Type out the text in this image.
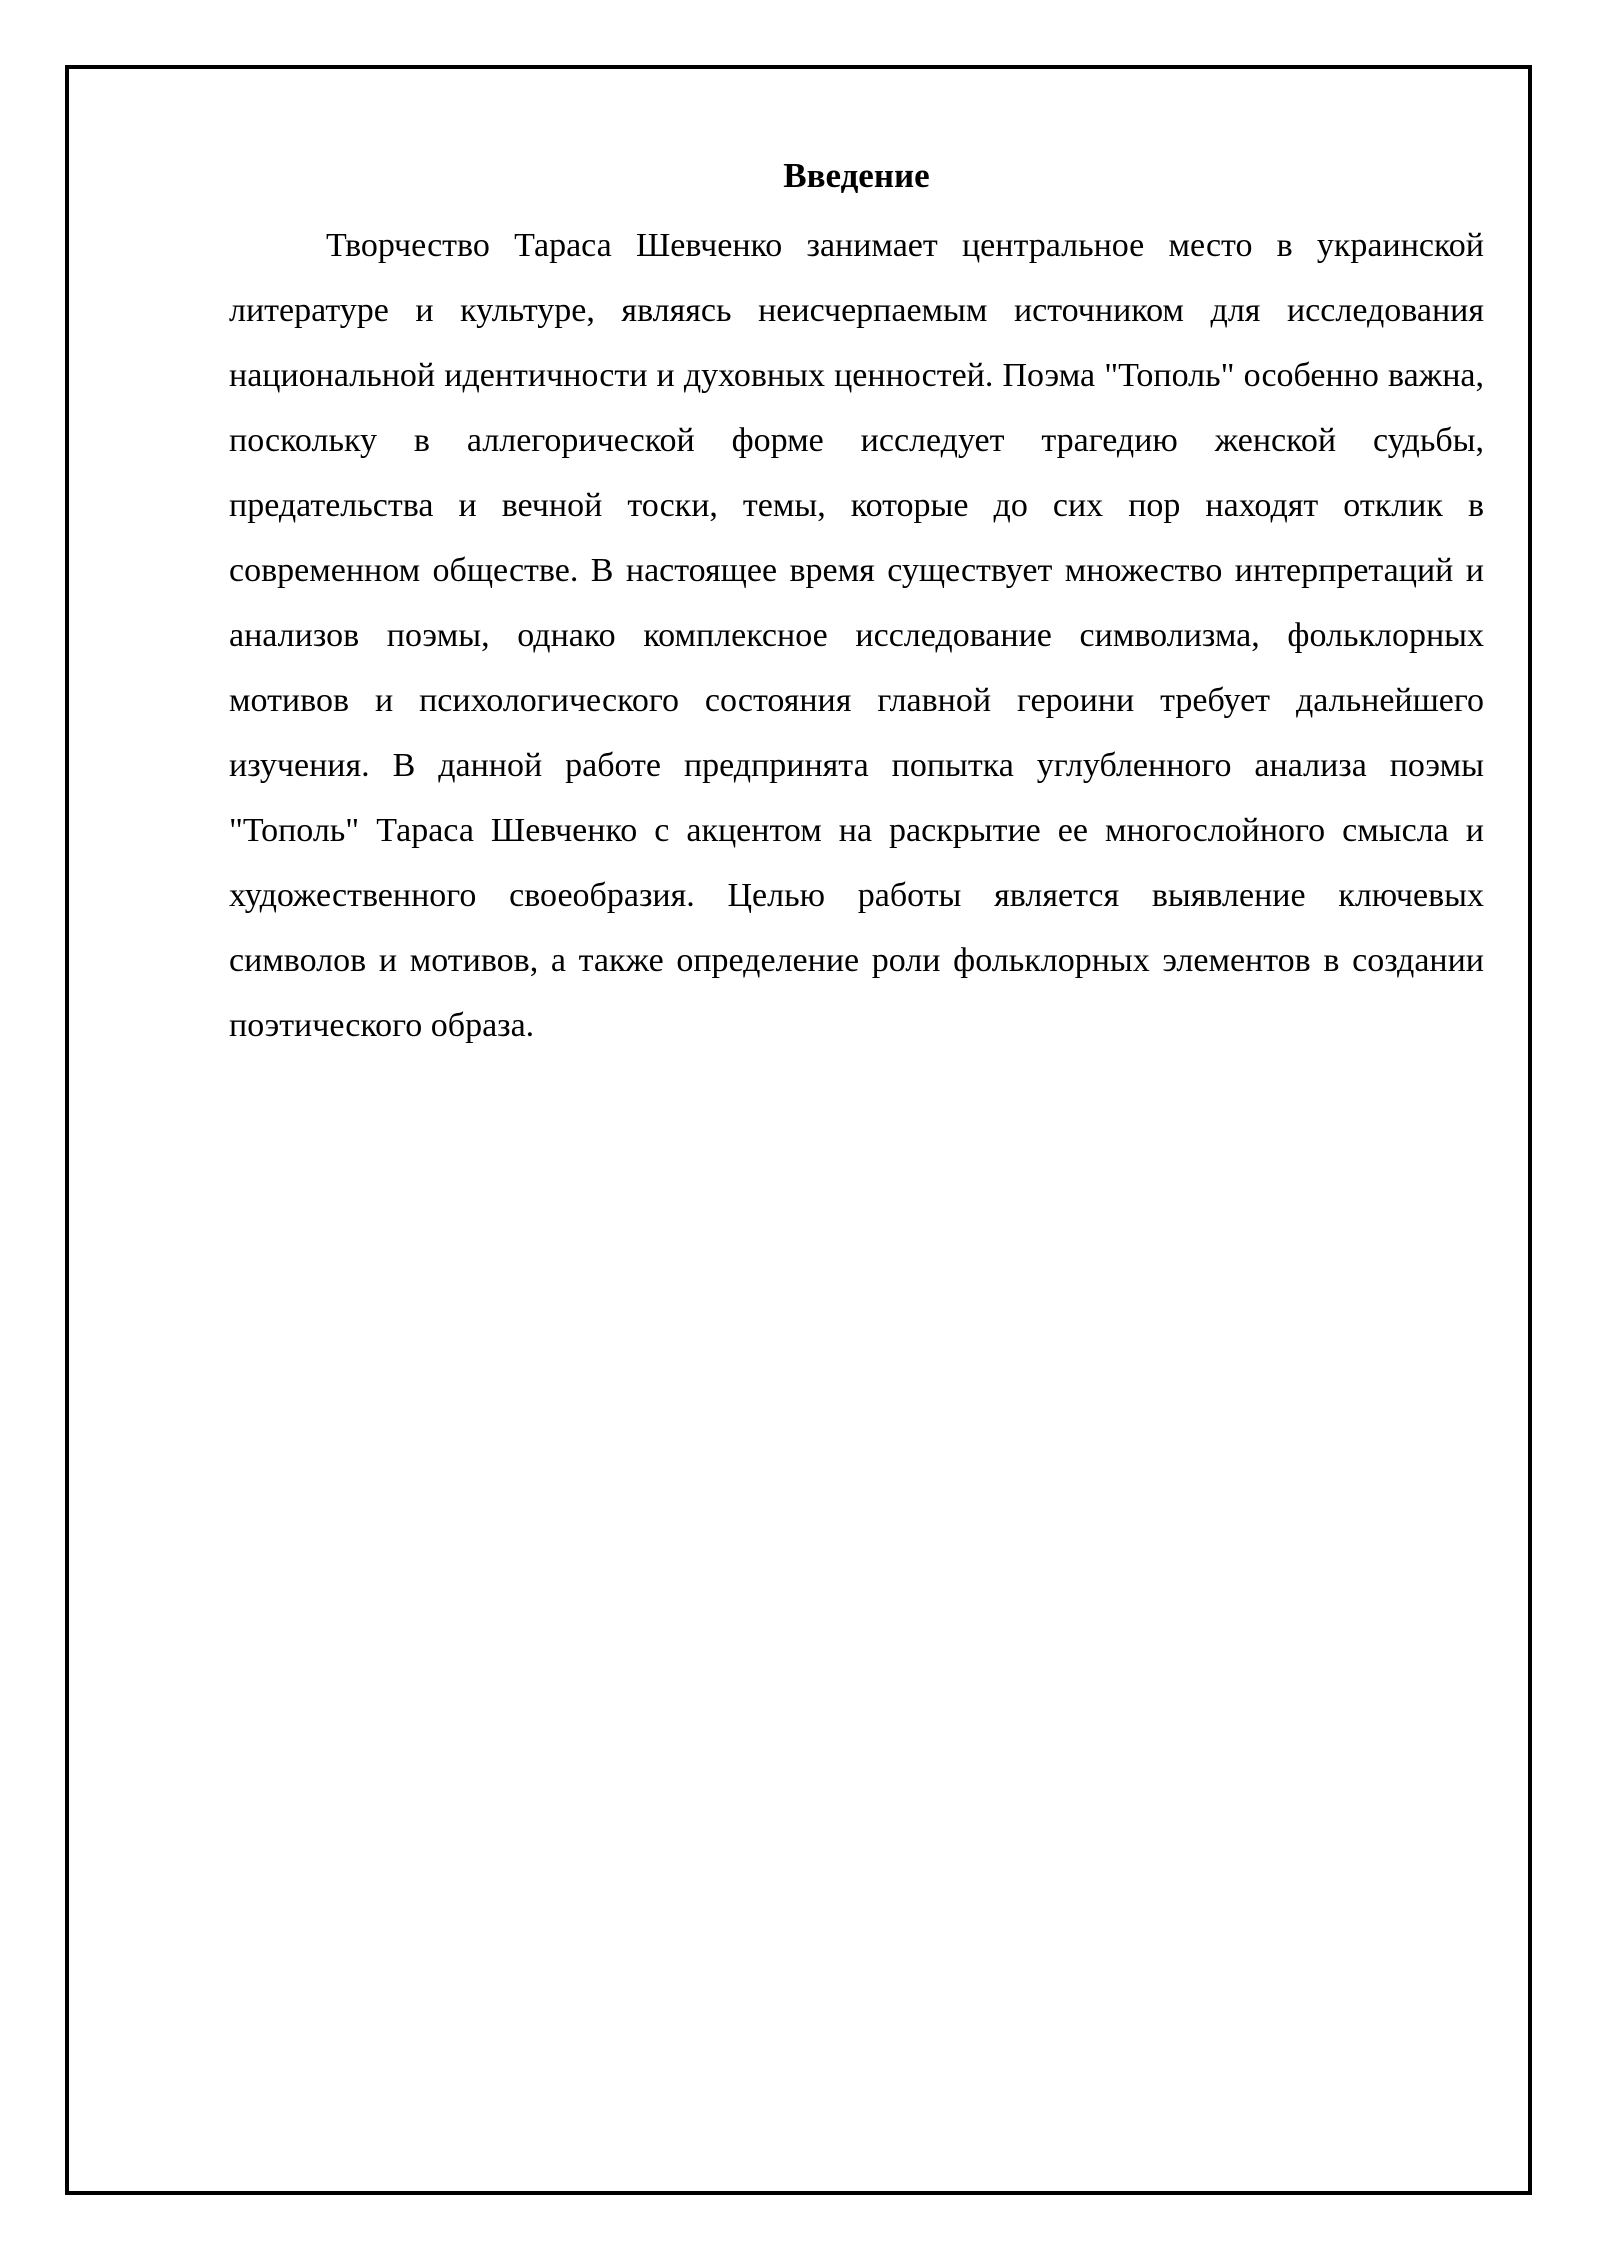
Введение

Творчество Тараса Шевченко занимает центральное место в украинской литературе и культуре, являясь неисчерпаемым источником для исследования национальной идентичности и духовных ценностей. Поэма "Тополь" особенно важна, поскольку в аллегорической форме исследует трагедию женской судьбы, предательства и вечной тоски, темы, которые до сих пор находят отклик в современном обществе. В настоящее время существует множество интерпретаций и анализов поэмы, однако комплексное исследование символизма, фольклорных мотивов и психологического состояния главной героини требует дальнейшего изучения. В данной работе предпринята попытка углубленного анализа поэмы "Тополь" Тараса Шевченко с акцентом на раскрытие ее многослойного смысла и художественного своеобразия. Целью работы является выявление ключевых символов и мотивов, а также определение роли фольклорных элементов в создании поэтического образа.
